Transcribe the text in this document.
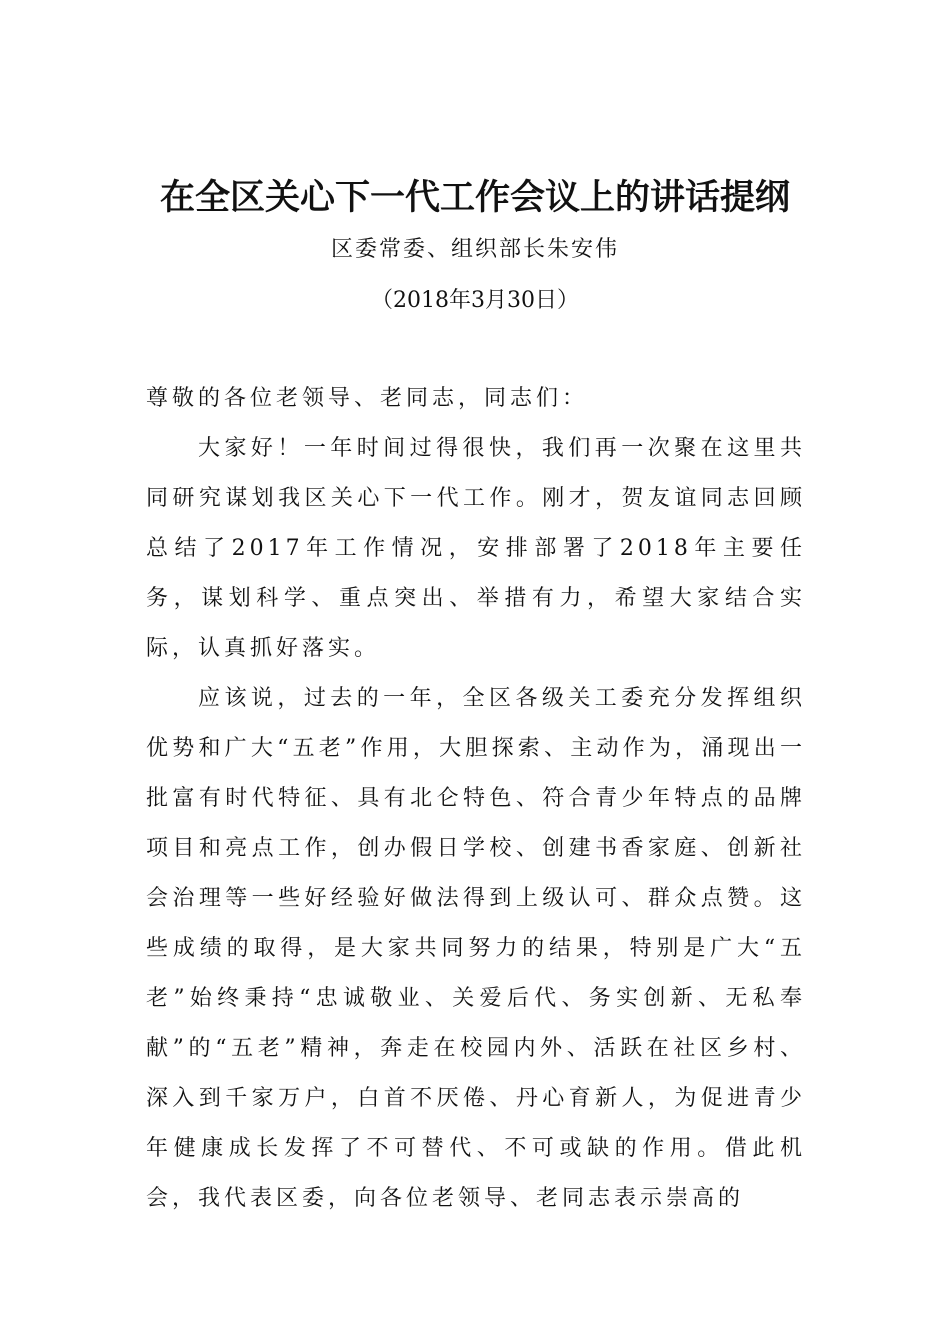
在全区关心下一代工作会议上的讲话提纲
区委常委、组织部长朱安伟
（2018年3月30日）

尊敬的各位老领导、老同志，同志们：

大家好！一年时间过得很快，我们再一次聚在这里共同研究谋划我区关心下一代工作。刚才，贺友谊同志回顾总结了2017年工作情况，安排部署了2018年主要任务，谋划科学、重点突出、举措有力，希望大家结合实际，认真抓好落实。

应该说，过去的一年，全区各级关工委充分发挥组织优势和广大“五老”作用，大胆探索、主动作为，涌现出一批富有时代特征、具有北仑特色、符合青少年特点的品牌项目和亮点工作，创办假日学校、创建书香家庭、创新社会治理等一些好经验好做法得到上级认可、群众点赞。这些成绩的取得，是大家共同努力的结果，特别是广大“五老”始终秉持“忠诚敬业、关爱后代、务实创新、无私奉献”的“五老”精神，奔走在校园内外、活跃在社区乡村、深入到千家万户，白首不厌倦、丹心育新人，为促进青少年健康成长发挥了不可替代、不可或缺的作用。借此机会，我代表区委，向各位老领导、老同志表示崇高的
